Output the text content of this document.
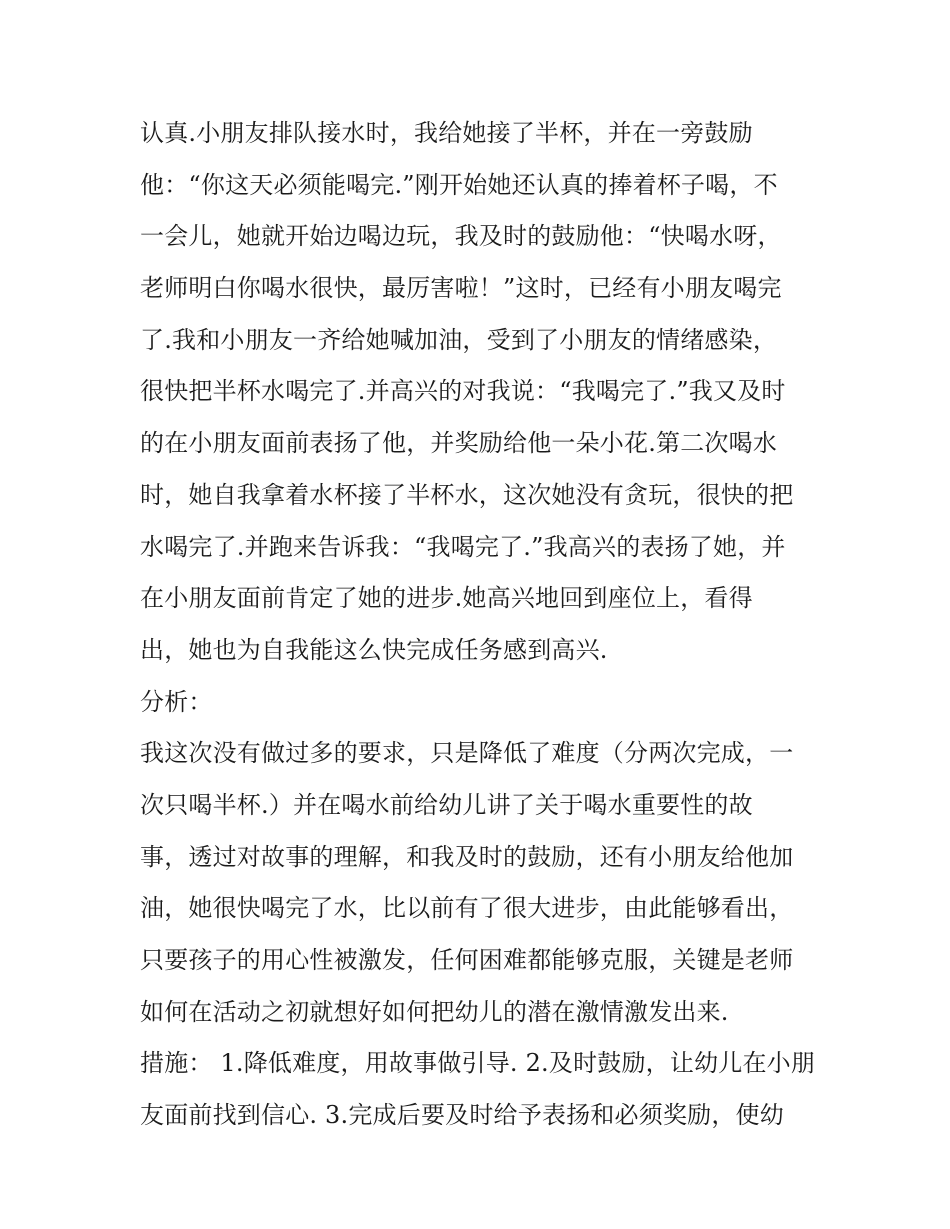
认真.小朋友排队接水时，我给她接了半杯，并在一旁鼓励
他：“你这天必须能喝完.”刚开始她还认真的捧着杯子喝，不
一会儿，她就开始边喝边玩，我及时的鼓励他：“快喝水呀，
老师明白你喝水很快，最厉害啦！”这时，已经有小朋友喝完
了.我和小朋友一齐给她喊加油，受到了小朋友的情绪感染，
很快把半杯水喝完了.并高兴的对我说：“我喝完了.”我又及时
的在小朋友面前表扬了他，并奖励给他一朵小花.第二次喝水
时，她自我拿着水杯接了半杯水，这次她没有贪玩，很快的把
水喝完了.并跑来告诉我：“我喝完了.”我高兴的表扬了她，并
在小朋友面前肯定了她的进步.她高兴地回到座位上，看得
出，她也为自我能这么快完成任务感到高兴.
分析：
我这次没有做过多的要求，只是降低了难度（分两次完成，一
次只喝半杯.）并在喝水前给幼儿讲了关于喝水重要性的故
事，透过对故事的理解，和我及时的鼓励，还有小朋友给他加
油，她很快喝完了水，比以前有了很大进步，由此能够看出，
只要孩子的用心性被激发，任何困难都能够克服，关键是老师
如何在活动之初就想好如何把幼儿的潜在激情激发出来.
措施： 1.降低难度，用故事做引导. 2.及时鼓励，让幼儿在小朋
友面前找到信心. 3.完成后要及时给予表扬和必须奖励，使幼
